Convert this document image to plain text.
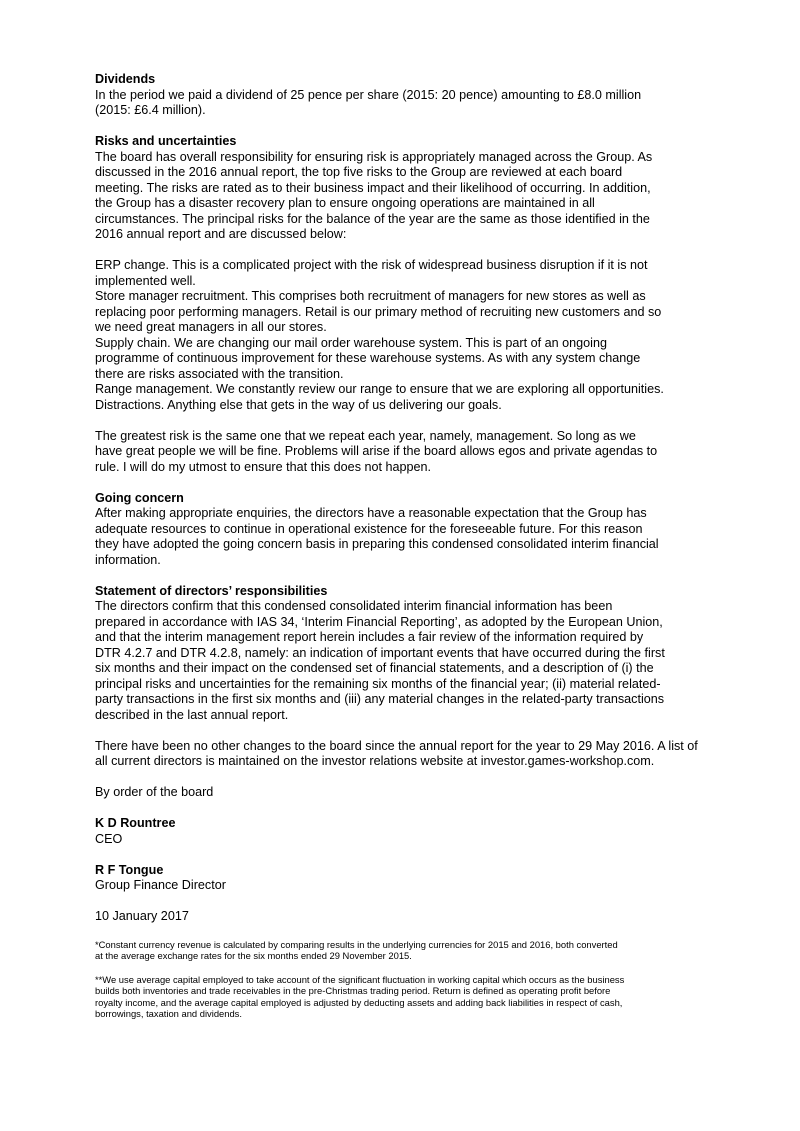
Dividends

In the period we paid a dividend of 25 pence per share (2015: 20 pence) amounting to £8.0 million
(2015: £6.4 million).

Risks and uncertainties

The board has overall responsibility for ensuring risk is appropriately managed across the Group. As
discussed in the 2016 annual report, the top five risks to the Group are reviewed at each board
meeting. The risks are rated as to their business impact and their likelihood of occurring. In addition,
the Group has a disaster recovery plan to ensure ongoing operations are maintained in all
circumstances. The principal risks for the balance of the year are the same as those identified in the
2016 annual report and are discussed below:

ERP change. This is a complicated project with the risk of widespread business disruption if it is not
implemented well.

Store manager recruitment. This comprises both recruitment of managers for new stores as well as
replacing poor performing managers. Retail is our primary method of recruiting new customers and so
we need great managers in all our stores.

Supply chain. We are changing our mail order warehouse system. This is part of an ongoing
programme of continuous improvement for these warehouse systems. As with any system change
there are risks associated with the transition.

Range management. We constantly review our range to ensure that we are exploring all opportunities.

Distractions. Anything else that gets in the way of us delivering our goals.

The greatest risk is the same one that we repeat each year, namely, management. So long as we
have great people we will be fine. Problems will arise if the board allows egos and private agendas to
rule. I will do my utmost to ensure that this does not happen.

Going concern

After making appropriate enquiries, the directors have a reasonable expectation that the Group has
adequate resources to continue in operational existence for the foreseeable future. For this reason
they have adopted the going concern basis in preparing this condensed consolidated interim financial
information.

Statement of directors’ responsibilities

The directors confirm that this condensed consolidated interim financial information has been
prepared in accordance with IAS 34, ‘Interim Financial Reporting’, as adopted by the European Union,
and that the interim management report herein includes a fair review of the information required by
DTR 4.2.7 and DTR 4.2.8, namely: an indication of important events that have occurred during the first
six months and their impact on the condensed set of financial statements, and a description of (i) the
principal risks and uncertainties for the remaining six months of the financial year; (ii) material related-
party transactions in the first six months and (iii) any material changes in the related-party transactions
described in the last annual report.

There have been no other changes to the board since the annual report for the year to 29 May 2016. A list of
all current directors is maintained on the investor relations website at investor.games-workshop.com.

By order of the board

K D Rountree

CEO

R F Tongue

Group Finance Director

10 January 2017

*Constant currency revenue is calculated by comparing results in the underlying currencies for 2015 and 2016, both converted
at the average exchange rates for the six months ended 29 November 2015.

**We use average capital employed to take account of the significant fluctuation in working capital which occurs as the business
builds both inventories and trade receivables in the pre-Christmas trading period. Return is defined as operating profit before
royalty income, and the average capital employed is adjusted by deducting assets and adding back liabilities in respect of cash,
borrowings, taxation and dividends.
